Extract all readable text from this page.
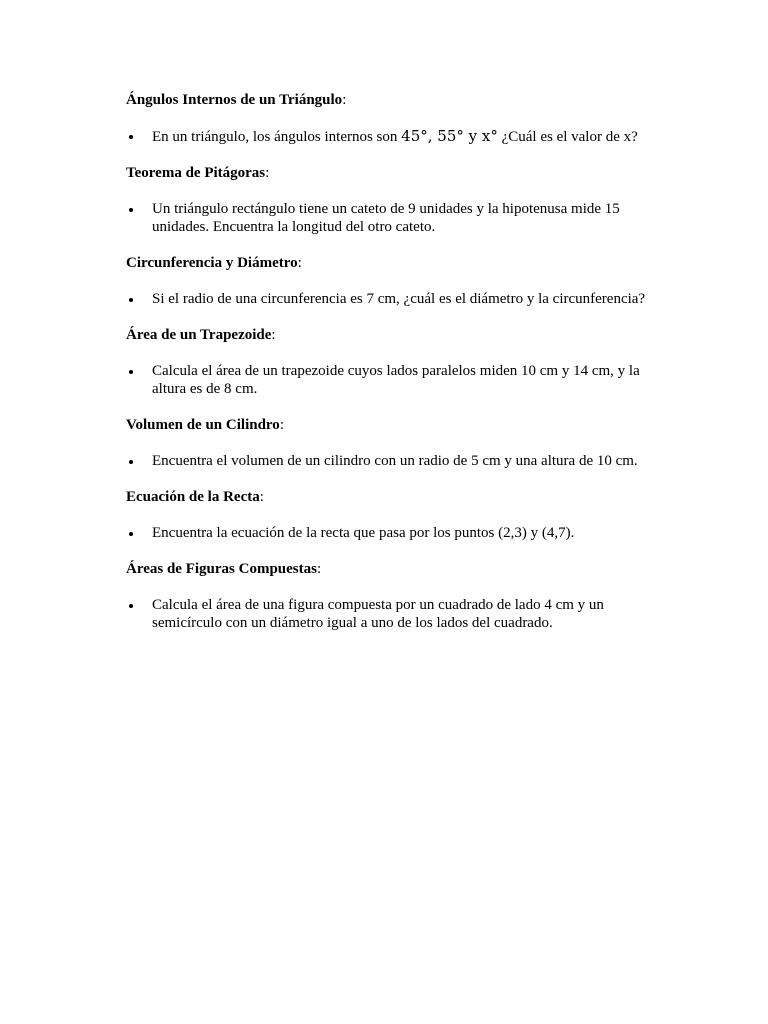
Ángulos Internos de un Triángulo:

En un triángulo, los ángulos internos son 45°, 55° y x° ¿Cuál es el valor de x?

Teorema de Pitágoras:

Un triángulo rectángulo tiene un cateto de 9 unidades y la hipotenusa mide 15 unidades. Encuentra la longitud del otro cateto.

Circunferencia y Diámetro:

Si el radio de una circunferencia es 7 cm, ¿cuál es el diámetro y la circunferencia?

Área de un Trapezoide:

Calcula el área de un trapezoide cuyos lados paralelos miden 10 cm y 14 cm, y la altura es de 8 cm.

Volumen de un Cilindro:

Encuentra el volumen de un cilindro con un radio de 5 cm y una altura de 10 cm.

Ecuación de la Recta:

Encuentra la ecuación de la recta que pasa por los puntos (2,3) y (4,7).

Áreas de Figuras Compuestas:

Calcula el área de una figura compuesta por un cuadrado de lado 4 cm y un semicírculo con un diámetro igual a uno de los lados del cuadrado.
